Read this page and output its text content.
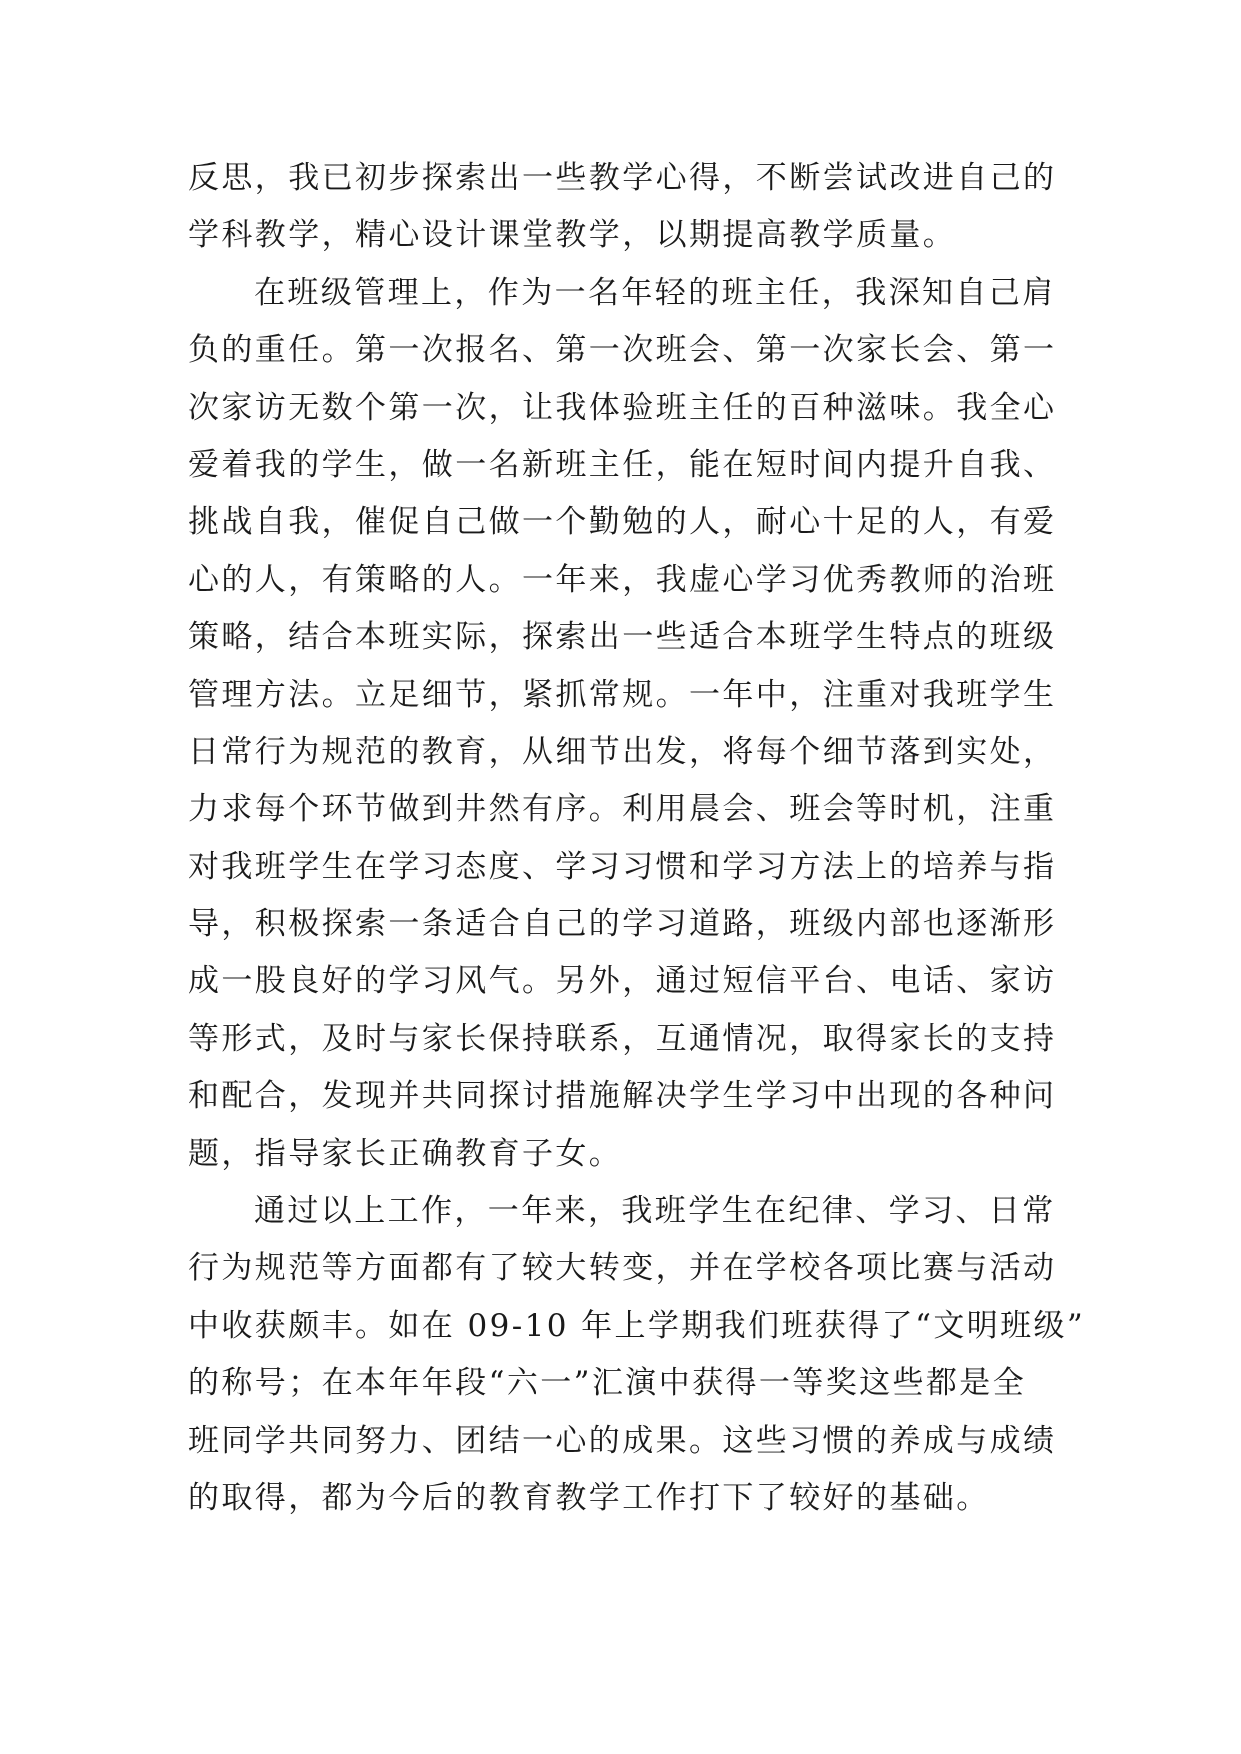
反思，我已初步探索出一些教学心得，不断尝试改进自己的
学科教学，精心设计课堂教学，以期提高教学质量。
在班级管理上，作为一名年轻的班主任，我深知自己肩
负的重任。第一次报名、第一次班会、第一次家长会、第一
次家访无数个第一次，让我体验班主任的百种滋味。我全心
爱着我的学生，做一名新班主任，能在短时间内提升自我、
挑战自我，催促自己做一个勤勉的人，耐心十足的人，有爱
心的人，有策略的人。一年来，我虚心学习优秀教师的治班
策略，结合本班实际，探索出一些适合本班学生特点的班级
管理方法。立足细节，紧抓常规。一年中，注重对我班学生
日常行为规范的教育，从细节出发，将每个细节落到实处，
力求每个环节做到井然有序。利用晨会、班会等时机，注重
对我班学生在学习态度、学习习惯和学习方法上的培养与指
导，积极探索一条适合自己的学习道路，班级内部也逐渐形
成一股良好的学习风气。另外，通过短信平台、电话、家访
等形式，及时与家长保持联系，互通情况，取得家长的支持
和配合，发现并共同探讨措施解决学生学习中出现的各种问
题，指导家长正确教育子女。
通过以上工作，一年来，我班学生在纪律、学习、日常
行为规范等方面都有了较大转变，并在学校各项比赛与活动
中收获颇丰。如在 09-10 年上学期我们班获得了“文明班级”
的称号；在本年年段“六一”汇演中获得一等奖这些都是全
班同学共同努力、团结一心的成果。这些习惯的养成与成绩
的取得，都为今后的教育教学工作打下了较好的基础。
